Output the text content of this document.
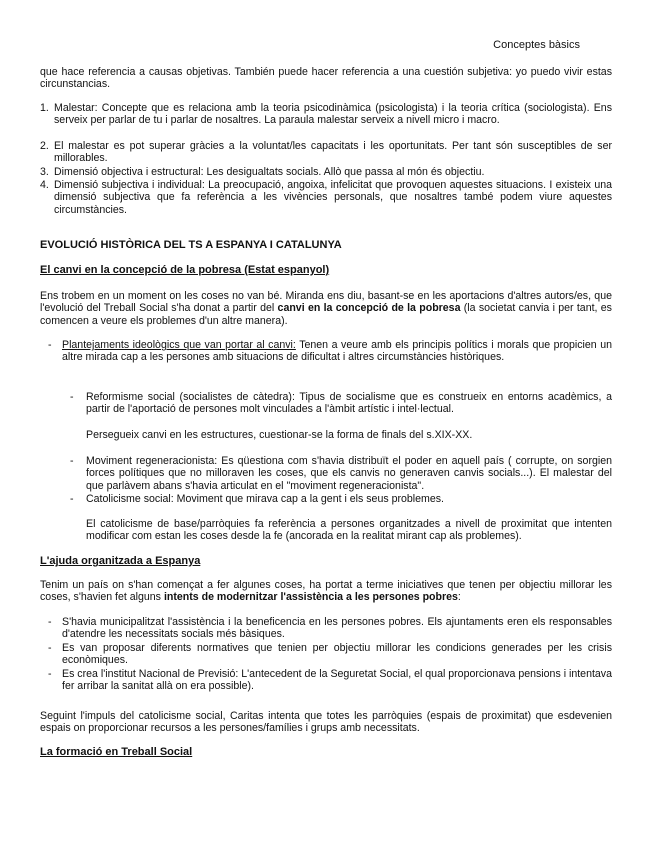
Conceptes bàsics

que hace referencia a causas objetivas. También puede hacer referencia a una cuestión subjetiva: yo puedo vivir estas circunstancias.

1. Malestar: Concepte que es relaciona amb la teoria psicodinàmica (psicologista) i la teoria crítica (sociologista). Ens serveix per parlar de tu i parlar de nosaltres. La paraula malestar serveix a nivell micro i macro.

2. El malestar es pot superar gràcies a la voluntat/les capacitats i les oportunitats. Per tant són susceptibles de ser millorables.

3. Dimensió objectiva i estructural: Les desigualtats socials. Allò que passa al món és objectiu.

4. Dimensió subjectiva i individual: La preocupació, angoixa, infelicitat que provoquen aquestes situacions. I existeix una dimensió subjectiva que fa referència a les vivències personals, que nosaltres també podem viure aquestes circumstàncies.

EVOLUCIÓ HISTÒRICA DEL TS A ESPANYA I CATALUNYA
El canvi en la concepció de la pobresa (Estat espanyol)

Ens trobem en un moment on les coses no van bé. Miranda ens diu, basant-se en les aportacions d'altres autors/es, que l'evolució del Treball Social s'ha donat a partir del canvi en la concepció de la pobresa (la societat canvia i per tant, es comencen a veure els problemes d'un altre manera).

- Plantejaments ideològics que van portar al canvi: Tenen a veure amb els principis polítics i morals que propicien un altre mirada cap a les persones amb situacions de dificultat i altres circumstàncies històriques.

- Reformisme social (socialistes de càtedra): Tipus de socialisme que es construeix en entorns acadèmics, a partir de l'aportació de persones molt vinculades a l'àmbit artístic i intel·lectual.

Persegueix canvi en les estructures, cuestionar-se la forma de finals del s.XIX-XX.

- Moviment regeneracionista: Es qüestiona com s'havia distribuït el poder en aquell país ( corrupte, on sorgien forces polítiques que no milloraven les coses, que els canvis no generaven canvis socials...). El malestar del que parlàvem abans s'havia articulat en el "moviment regeneracionista".

- Catolicisme social: Moviment que mirava cap a la gent i els seus problemes.

El catolicisme de base/parròquies fa referència a persones organitzades a nivell de proximitat que intenten modificar com estan les coses desde la fe (ancorada en la realitat mirant cap als problemes).

L'ajuda organitzada a Espanya

Tenim un país on s'han començat a fer algunes coses, ha portat a terme iniciatives que tenen per objectiu millorar les coses, s'havien fet alguns intents de modernitzar l'assistència a les persones pobres:

- S'havia municipalitzat l'assistència i la beneficencia en les persones pobres. Els ajuntaments eren els responsables d'atendre les necessitats socials més bàsiques.

- Es van proposar diferents normatives que tenien per objectiu millorar les condicions generades per les crisis econòmiques.

- Es crea l'institut Nacional de Previsió: L'antecedent de la Seguretat Social, el qual proporcionava pensions i intentava fer arribar la sanitat allà on era possible).

Seguint l'impuls del catolicisme social, Caritas intenta que totes les parròquies (espais de proximitat) que esdevenien espais on proporcionar recursos a les persones/famílies i grups amb necessitats.

La formació en Treball Social
